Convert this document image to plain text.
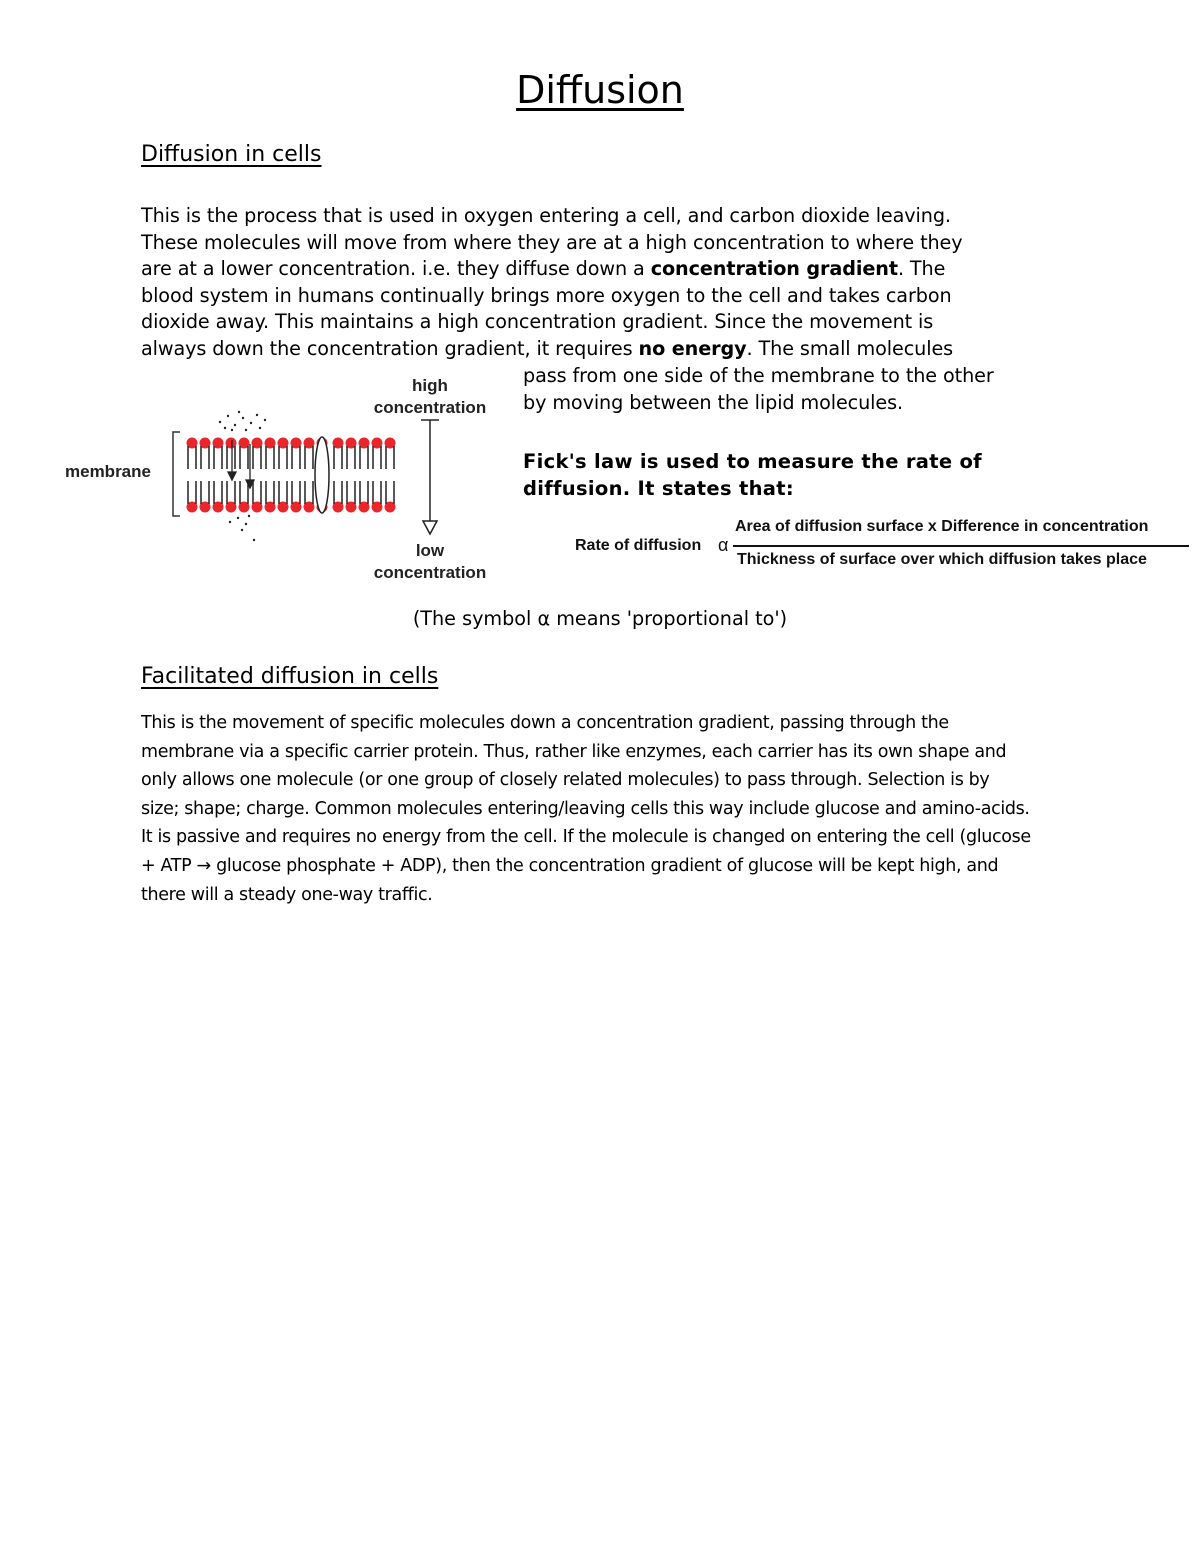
Diffusion
Diffusion in cells
This is the process that is used in oxygen entering a cell, and carbon dioxide leaving.
These molecules will move from where they are at a high concentration to where they
are at a lower concentration. i.e. they diffuse down a concentration gradient. The
blood system in humans continually brings more oxygen to the cell and takes carbon
dioxide away. This maintains a high concentration gradient. Since the movement is
always down the concentration gradient, it requires no energy. The small molecules
pass from one side of the membrane to the other
by moving between the lipid molecules.
membrane
high
concentration
low
concentration
Fick's law is used to measure the rate of
diffusion. It states that:
Rate of diffusion α
Area of diffusion surface x Difference in concentration
Thickness of surface over which diffusion takes place
(The symbol α means 'proportional to')
Facilitated diffusion in cells
This is the movement of specific molecules down a concentration gradient, passing through the
membrane via a specific carrier protein. Thus, rather like enzymes, each carrier has its own shape and
only allows one molecule (or one group of closely related molecules) to pass through. Selection is by
size; shape; charge. Common molecules entering/leaving cells this way include glucose and amino-acids.
It is passive and requires no energy from the cell. If the molecule is changed on entering the cell (glucose
+ ATP → glucose phosphate + ADP), then the concentration gradient of glucose will be kept high, and
there will a steady one-way traffic.
